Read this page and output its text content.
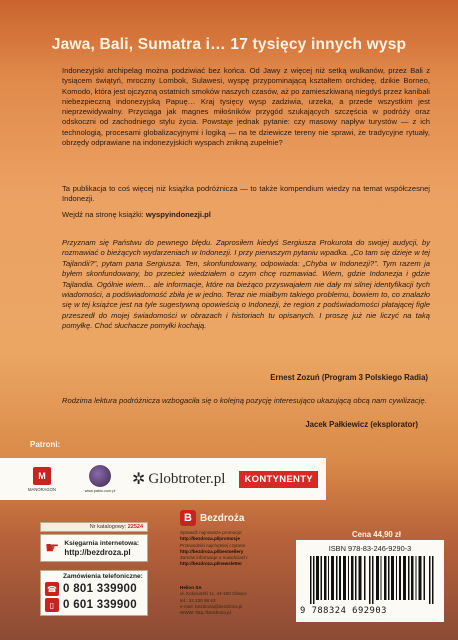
Jawa, Bali, Sumatra i… 17 tysięcy innych wysp
Indonezyjski archipelag można podziwiać bez końca. Od Jawy z więcej niż setką wulkanów, przez Bali z tysiącem świątyń, mroczny Lombok, Sulawesi, wyspę przypominającą kształtem orchideę, dzikie Borneo, Komodo, która jest ojczyzną ostatnich smoków naszych czasów, aż po zamieszkiwaną niegdyś przez kanibali niebezpieczną indonezyjską Papuę… Kraj tysięcy wysp zadziwia, urzeka, a przede wszystkim jest nieprzewidywalny. Przyciąga jak magnes miłośników przygód szukających szczęścia w podróży oraz odskoczni od zachodniego stylu życia. Powstaje jednak pytanie: czy masowy napływ turystów — z ich technologią, procesami globalizacyjnymi i logiką — na te dziewicze tereny nie sprawi, że tradycyjne rytuały, obrzędy odprawiane na indonezyjskich wyspach znikną zupełnie?
Ta publikacja to coś więcej niż książka podróżnicza — to także kompendium wiedzy na temat współczesnej Indonezji.
Wejdź na stronę książki: wyspyindonezji.pl
Przyznam się Państwu do pewnego błędu. Zaprosiłem kiedyś Sergiusza Prokurota do swojej audycji, by rozmawiać o bieżących wydarzeniach w Indonezji. I przy pierwszym pytaniu wpadka. „Co tam się dzieje w tej Tajlandii?”, pytam pana Sergiusza. Ten, skonfundowany, odpowiada: „Chyba w Indonezji?”. Tym razem ja byłem skonfundowany, bo przecież wiedziałem o czym chcę rozmawiać. Wiem, gdzie Indonezja i gdzie Tajlandia. Ogólnie wiem… ale informacje, które na bieżąco przyswajałem nie dały mi silnej identyfikacji tych wiadomości, a podświadomość zbiła je w jedno. Teraz nie miałbym takiego problemu, bowiem to, co znalazło się w tej książce jest na tyle sugestywną opowieścią o Indonezji, że region z podświadomości płatającej figle przeszedł do mojej świadomości w obrazach i historiach tu opisanych. I proszę już nie liczyć na taką pomyłkę. Choć słuchacze pomyłki kochają.
Ernest Zozuń (Program 3 Polskiego Radia)
Rodzimа lektura podróżnicza wzbogaciła się o kolejną pozycję interesująco ukazującą obcą nam cywilizację.
Jacek Pałkiewicz (eksplorator)
Patroni:
M
MANORAGON	www.pablo.com.pl
✲ Globtroter.pl	KONTYNENTY
B Bezdroża
Nr katalogowy: 22524
☛ Księgarnia internetowa:
http://bezdroza.pl
Zamówienia telefoniczne:
☎ 0 801 339900
▯ 0 601 339900
Sprawdź najnowsze promocje:
http://bezdroza.pl/promocje
Przewodniki najchętniej czytane:
http://bezdroza.pl/bestsellery
Zamów informacje o nowościach:
http://bezdroza.pl/newsletter
Helion SA
ul. Kościuszki 1c, 44-100 Gliwice
tel.: 32 230 98 63
e-mail: bezdroza@bezdroza.pl
WWW: http://bezdroza.pl
Cena 44,90 zł
ISBN 978-83-246-9290-3
9 788324 692903
